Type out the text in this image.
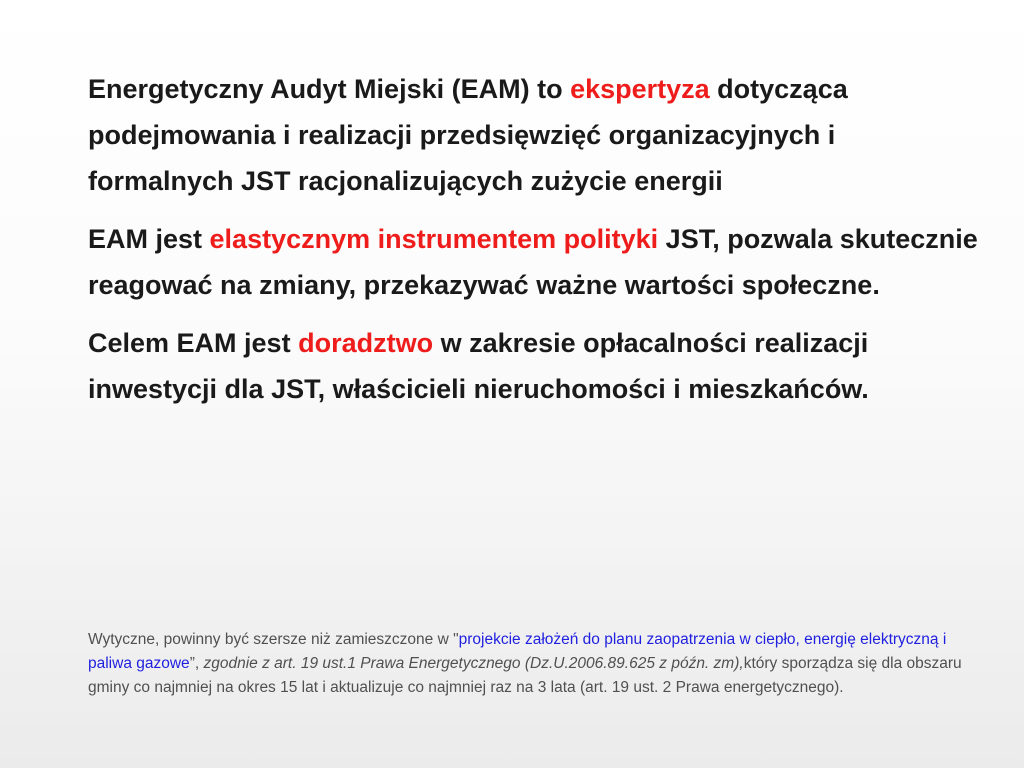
Energetyczny Audyt Miejski (EAM) to ekspertyza dotycząca podejmowania i realizacji przedsięwzięć organizacyjnych i formalnych JST racjonalizujących zużycie energii

EAM jest elastycznym instrumentem polityki JST, pozwala skutecznie reagować na zmiany, przekazywać ważne wartości społeczne.

Celem EAM jest doradztwo w zakresie opłacalności realizacji inwestycji dla JST, właścicieli nieruchomości i mieszkańców.

Wytyczne, powinny być szersze niż zamieszczone w "projekcie założeń do planu zaopatrzenia w ciepło, energię elektryczną i paliwa gazowe”, zgodnie z art. 19 ust.1 Prawa Energetycznego (Dz.U.2006.89.625 z późn. zm),który sporządza się dla obszaru gminy co najmniej na okres 15 lat i aktualizuje co najmniej raz na 3 lata (art. 19 ust. 2 Prawa energetycznego).
